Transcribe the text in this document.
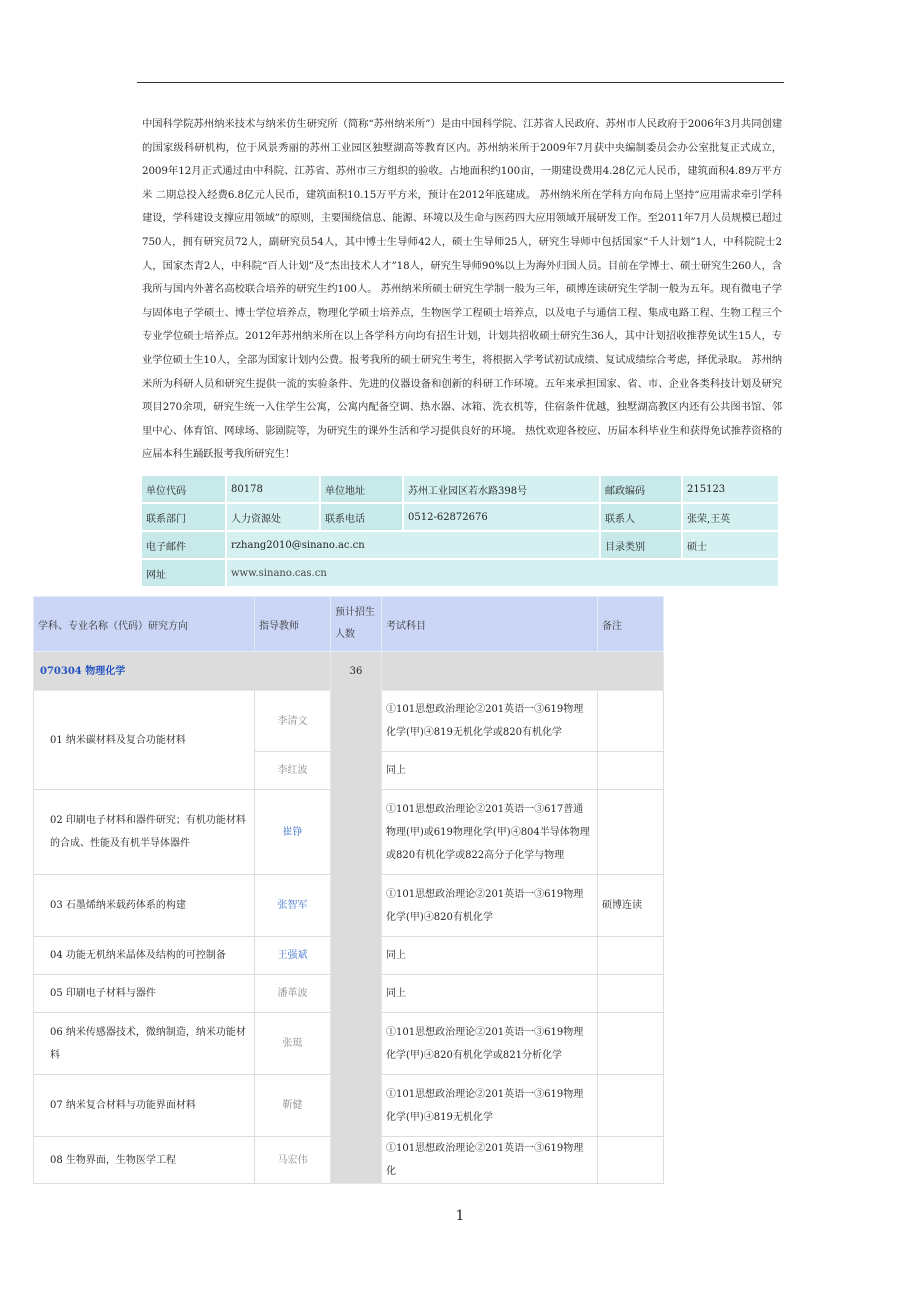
中国科学院苏州纳米技术与纳米仿生研究所（简称“苏州纳米所”）是由中国科学院、江苏省人民政府、苏州市人民政府于2006年3月共同创建的国家级科研机构，位于风景秀丽的苏州工业园区独墅湖高等教育区内。苏州纳米所于2009年7月获中央编制委员会办公室批复正式成立，2009年12月正式通过由中科院、江苏省、苏州市三方组织的验收。占地面积约100亩，一期建设费用4.28亿元人民币，建筑面积4.89万平方米 二期总投入经费6.8亿元人民币，建筑面积10.15万平方米，预计在2012年底建成。 苏州纳米所在学科方向布局上坚持“应用需求牵引学科建设，学科建设支撑应用领域”的原则，主要围绕信息、能源、环境以及生命与医药四大应用领域开展研发工作。至2011年7月人员规模已超过750人，拥有研究员72人，副研究员54人，其中博士生导师42人，硕士生导师25人，研究生导师中包括国家“千人计划”1人，中科院院士2人，国家杰青2人，中科院“百人计划”及“杰出技术人才”18人，研究生导师90%以上为海外归国人员。目前在学博士、硕士研究生260人，含我所与国内外著名高校联合培养的研究生约100人。 苏州纳米所硕士研究生学制一般为三年，硕博连读研究生学制一般为五年。现有微电子学与固体电子学硕士、博士学位培养点，物理化学硕士培养点，生物医学工程硕士培养点，以及电子与通信工程、集成电路工程、生物工程三个专业学位硕士培养点。2012年苏州纳米所在以上各学科方向均有招生计划，计划共招收硕士研究生36人，其中计划招收推荐免试生15人，专业学位硕士生10人，全部为国家计划内公费。报考我所的硕士研究生考生，将根据入学考试初试成绩、复试成绩综合考虑，择优录取。 苏州纳米所为科研人员和研究生提供一流的实验条件、先进的仪器设备和创新的科研工作环境。五年来承担国家、省、市、企业各类科技计划及研究项目270余项，研究生统一入住学生公寓，公寓内配备空调、热水器、冰箱、洗衣机等，住宿条件优越，独墅湖高教区内还有公共图书馆、邻里中心、体育馆、网球场、影剧院等，为研究生的课外生活和学习提供良好的环境。 热忱欢迎各校应、历届本科毕业生和获得免试推荐资格的应届本科生踊跃报考我所研究生！

单位代码	80178	单位地址	苏州工业园区若水路398号	邮政编码	215123
联系部门	人力资源处	联系电话	0512-62872676	联系人	张荣,王英
电子邮件	rzhang2010@sinano.ac.cn			目录类别	硕士
网址	www.sinano.cas.cn				
学科、专业名称（代码）研究方向	指导教师	预计招生人数	考试科目	备注
070304 物理化学		36		
01 纳米碳材料及复合功能材料	李清文		①101思想政治理论②201英语一③619物理化学(甲)④819无机化学或820有机化学	
	李红波		同上	
02 印刷电子材料和器件研究；有机功能材料的合成、性能及有机半导体器件	崔铮		①101思想政治理论②201英语一③617普通物理(甲)或619物理化学(甲)④804半导体物理或820有机化学或822高分子化学与物理	
03 石墨烯纳米载药体系的构建	张智军		①101思想政治理论②201英语一③619物理化学(甲)④820有机化学	硕博连读
04 功能无机纳米晶体及结构的可控制备	王强斌		同上	
05 印刷电子材料与器件	潘革波		同上	
06 纳米传感器技术，微纳制造，纳米功能材料	张珽		①101思想政治理论②201英语一③619物理化学(甲)④820有机化学或821分析化学	
07 纳米复合材料与功能界面材料	靳健		①101思想政治理论②201英语一③619物理化学(甲)④819无机化学	
08 生物界面，生物医学工程	马宏伟		①101思想政治理论②201英语一③619物理化	
1
